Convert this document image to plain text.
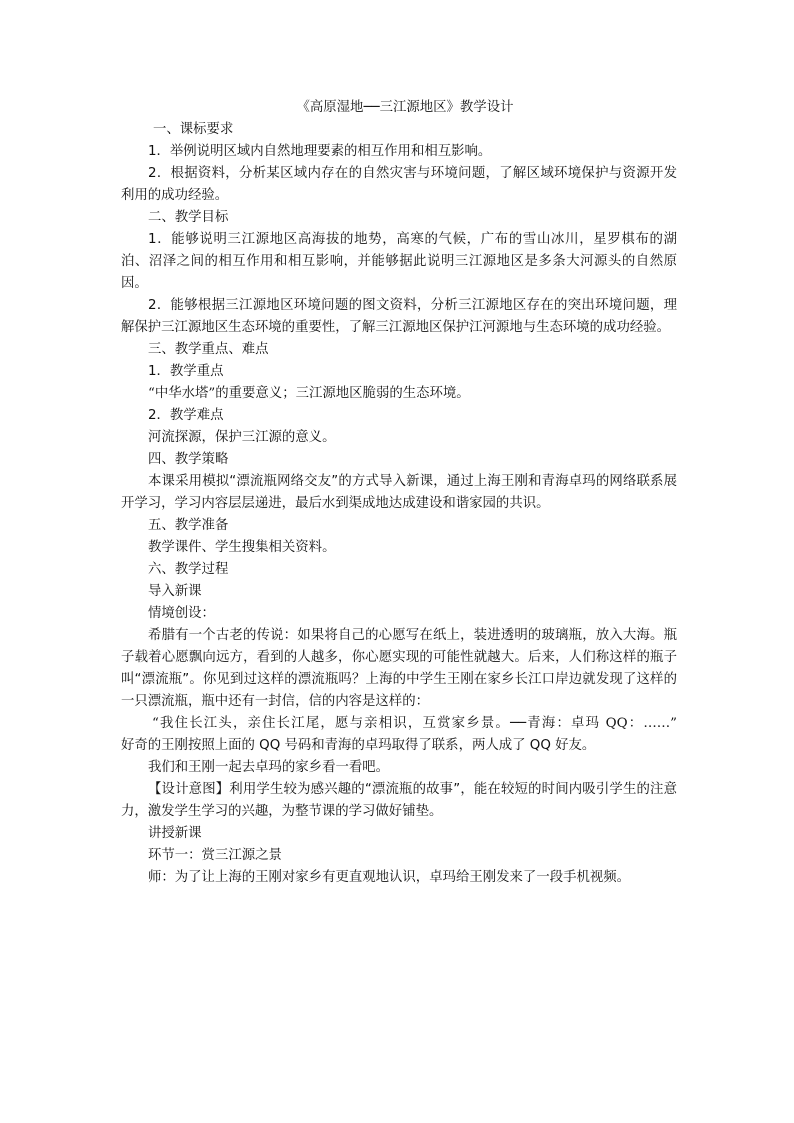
《高原湿地──三江源地区》教学设计
一、课标要求
1．举例说明区域内自然地理要素的相互作用和相互影响。
2．根据资料，分析某区域内存在的自然灾害与环境问题，了解区域环境保护与资源开发利用的成功经验。
二、教学目标
1．能够说明三江源地区高海拔的地势，高寒的气候，广布的雪山冰川，星罗棋布的湖泊、沼泽之间的相互作用和相互影响，并能够据此说明三江源地区是多条大河源头的自然原因。
2．能够根据三江源地区环境问题的图文资料，分析三江源地区存在的突出环境问题，理解保护三江源地区生态环境的重要性，了解三江源地区保护江河源地与生态环境的成功经验。
三、教学重点、难点
1．教学重点
“中华水塔”的重要意义；三江源地区脆弱的生态环境。
2．教学难点
河流探源，保护三江源的意义。
四、教学策略
本课采用模拟“漂流瓶网络交友”的方式导入新课，通过上海王刚和青海卓玛的网络联系展开学习，学习内容层层递进，最后水到渠成地达成建设和谐家园的共识。
五、教学准备
教学课件、学生搜集相关资料。
六、教学过程
导入新课
情境创设：
希腊有一个古老的传说：如果将自己的心愿写在纸上，装进透明的玻璃瓶，放入大海。瓶子载着心愿飘向远方，看到的人越多，你心愿实现的可能性就越大。后来，人们称这样的瓶子叫“漂流瓶”。你见到过这样的漂流瓶吗？上海的中学生王刚在家乡长江口岸边就发现了这样的一只漂流瓶，瓶中还有一封信，信的内容是这样的：
“我住长江头，亲住长江尾，愿与亲相识，互赏家乡景。──青海：卓玛 QQ：……”
好奇的王刚按照上面的 QQ 号码和青海的卓玛取得了联系，两人成了 QQ 好友。
我们和王刚一起去卓玛的家乡看一看吧。
【设计意图】利用学生较为感兴趣的“漂流瓶的故事”，能在较短的时间内吸引学生的注意力，激发学生学习的兴趣，为整节课的学习做好铺垫。
讲授新课
环节一：赏三江源之景
师：为了让上海的王刚对家乡有更直观地认识，卓玛给王刚发来了一段手机视频。
